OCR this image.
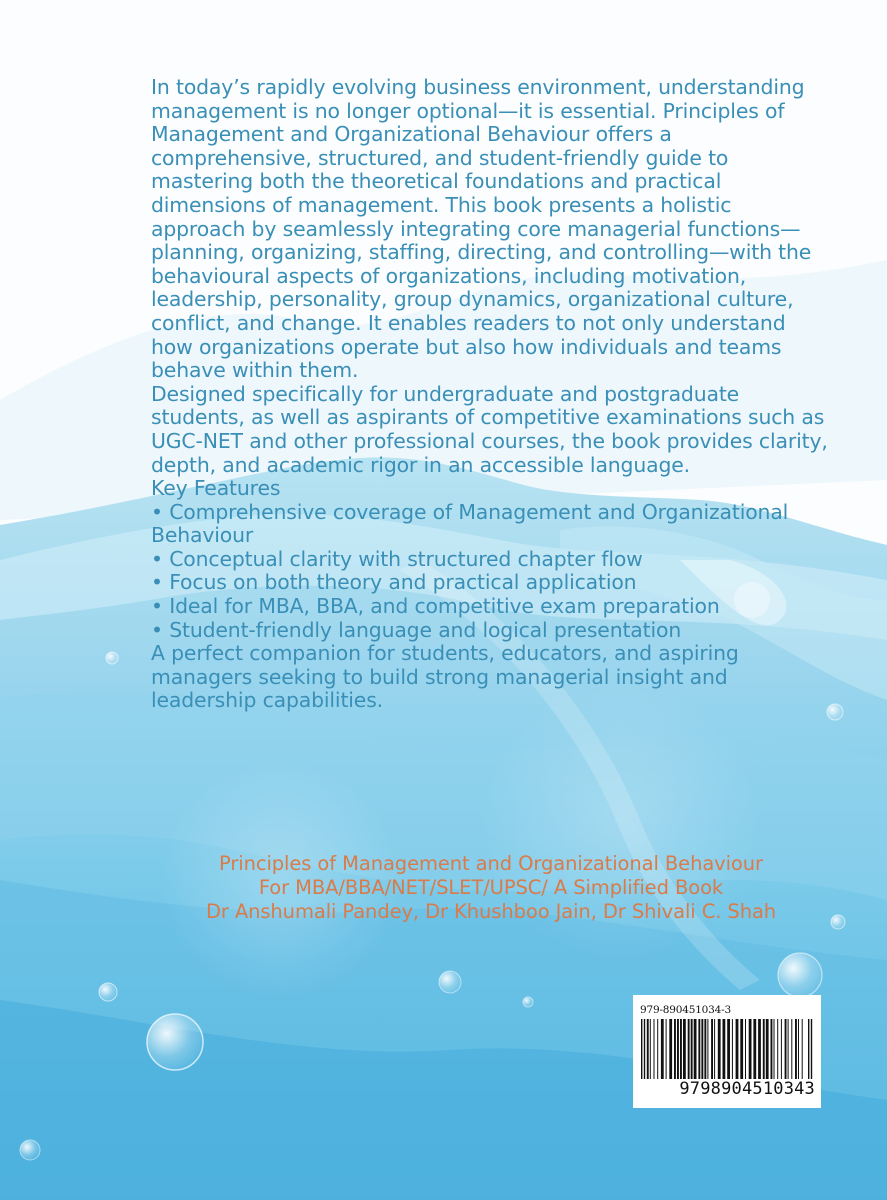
In today’s rapidly evolving business environment, understanding management is no longer optional—it is essential. Principles of Management and Organizational Behaviour offers a comprehensive, structured, and student-friendly guide to mastering both the theoretical foundations and practical dimensions of management. This book presents a holistic approach by seamlessly integrating core managerial functions—planning, organizing, staffing, directing, and controlling—with the behavioural aspects of organizations, including motivation, leadership, personality, group dynamics, organizational culture, conflict, and change. It enables readers to not only understand how organizations operate but also how individuals and teams behave within them.

Designed specifically for undergraduate and postgraduate students, as well as aspirants of competitive examinations such as UGC-NET and other professional courses, the book provides clarity, depth, and academic rigor in an accessible language.

Key Features

• Comprehensive coverage of Management and Organizational Behaviour
• Conceptual clarity with structured chapter flow
• Focus on both theory and practical application
• Ideal for MBA, BBA, and competitive exam preparation
• Student-friendly language and logical presentation

A perfect companion for students, educators, and aspiring managers seeking to build strong managerial insight and leadership capabilities.

Principles of Management and Organizational Behaviour
For MBA/BBA/NET/SLET/UPSC/ A Simplified Book
Dr Anshumali Pandey, Dr Khushboo Jain, Dr Shivali C. Shah
979-890451034-3
9798904510343
